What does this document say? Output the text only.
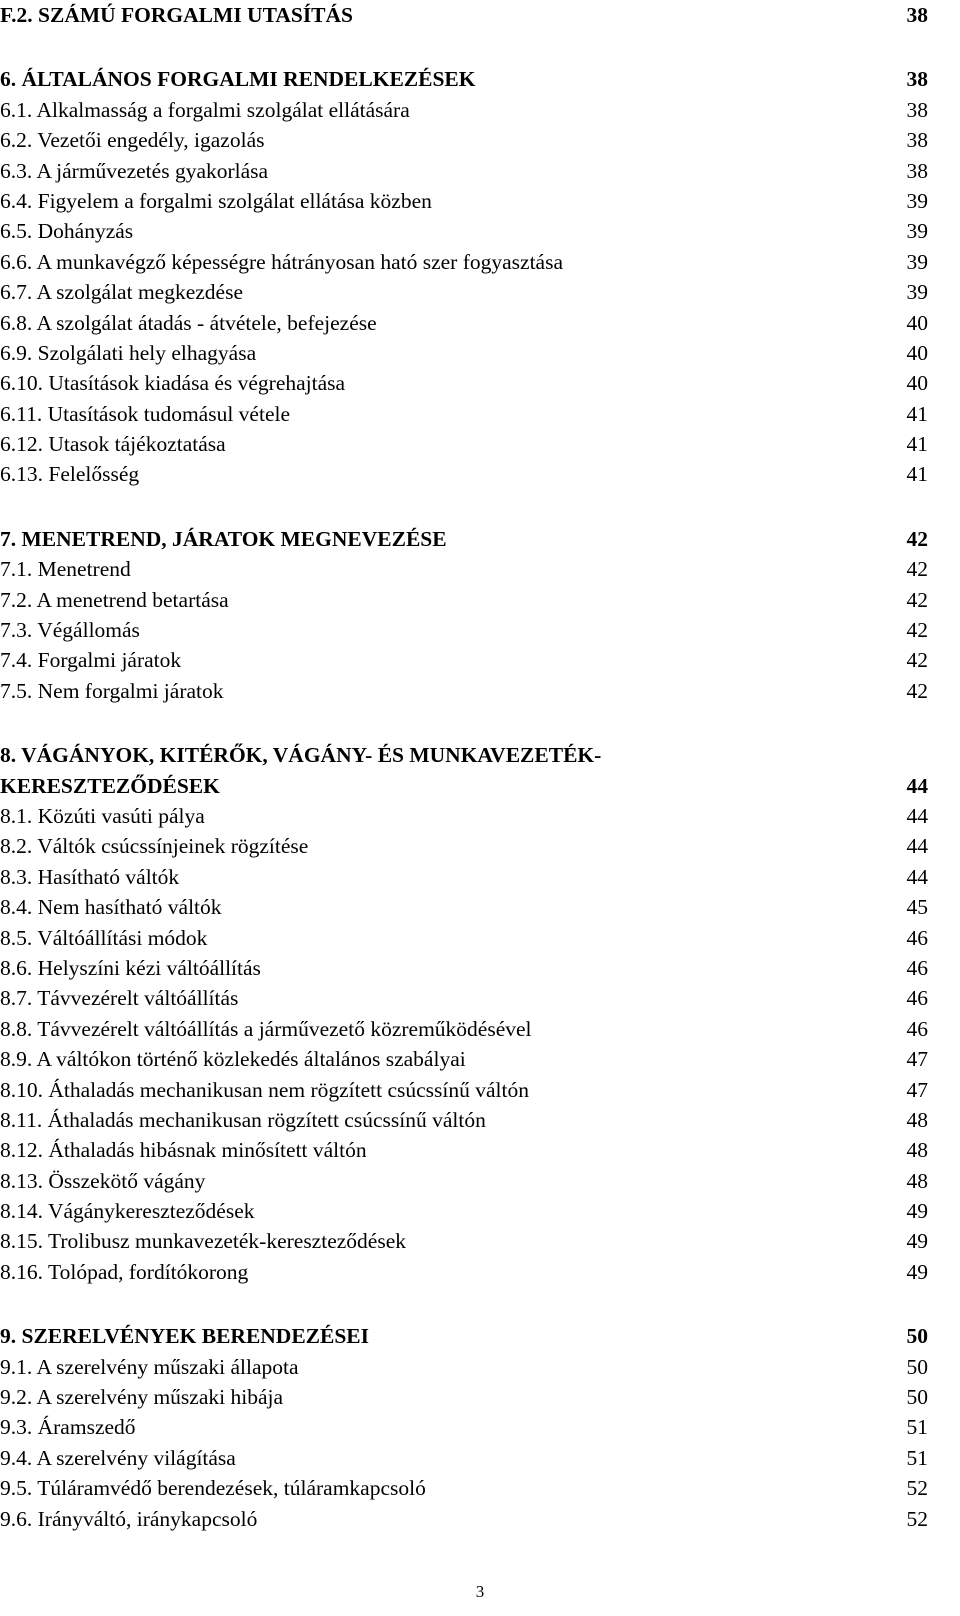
F.2. SZÁMÚ FORGALMI UTASÍTÁS	38
6. ÁLTALÁNOS FORGALMI RENDELKEZÉSEK	38
6.1. Alkalmasság a forgalmi szolgálat ellátására	38
6.2. Vezetői engedély, igazolás	38
6.3. A járművezetés gyakorlása	38
6.4. Figyelem a forgalmi szolgálat ellátása közben	39
6.5. Dohányzás	39
6.6. A munkavégző képességre hátrányosan ható szer fogyasztása	39
6.7. A szolgálat megkezdése	39
6.8. A szolgálat átadás - átvétele, befejezése	40
6.9. Szolgálati hely elhagyása	40
6.10. Utasítások kiadása és végrehajtása	40
6.11. Utasítások tudomásul vétele	41
6.12. Utasok tájékoztatása	41
6.13. Felelősség	41
7. MENETREND, JÁRATOK MEGNEVEZÉSE	42
7.1. Menetrend	42
7.2. A menetrend betartása	42
7.3. Végállomás	42
7.4. Forgalmi járatok	42
7.5. Nem forgalmi járatok	42
8. VÁGÁNYOK, KITÉRŐK, VÁGÁNY- ÉS MUNKAVEZETÉK-
KERESZTEZŐDÉSEK	44
8.1. Közúti vasúti pálya	44
8.2. Váltók csúcssínjeinek rögzítése	44
8.3. Hasítható váltók	44
8.4. Nem hasítható váltók	45
8.5. Váltóállítási módok	46
8.6. Helyszíni kézi váltóállítás	46
8.7. Távvezérelt váltóállítás	46
8.8. Távvezérelt váltóállítás a járművezető közreműködésével	46
8.9. A váltókon történő közlekedés általános szabályai	47
8.10. Áthaladás mechanikusan nem rögzített csúcssínű váltón	47
8.11. Áthaladás mechanikusan rögzített csúcssínű váltón	48
8.12. Áthaladás hibásnak minősített váltón	48
8.13. Összekötő vágány	48
8.14. Vágánykereszteződések	49
8.15. Trolibusz munkavezeték-kereszteződések	49
8.16. Tolópad, fordítókorong	49
9. SZERELVÉNYEK BERENDEZÉSEI	50
9.1. A szerelvény műszaki állapota	50
9.2. A szerelvény műszaki hibája	50
9.3. Áramszedő	51
9.4. A szerelvény világítása	51
9.5. Túláramvédő berendezések, túláramkapcsoló	52
9.6. Irányváltó, iránykapcsoló	52
3
